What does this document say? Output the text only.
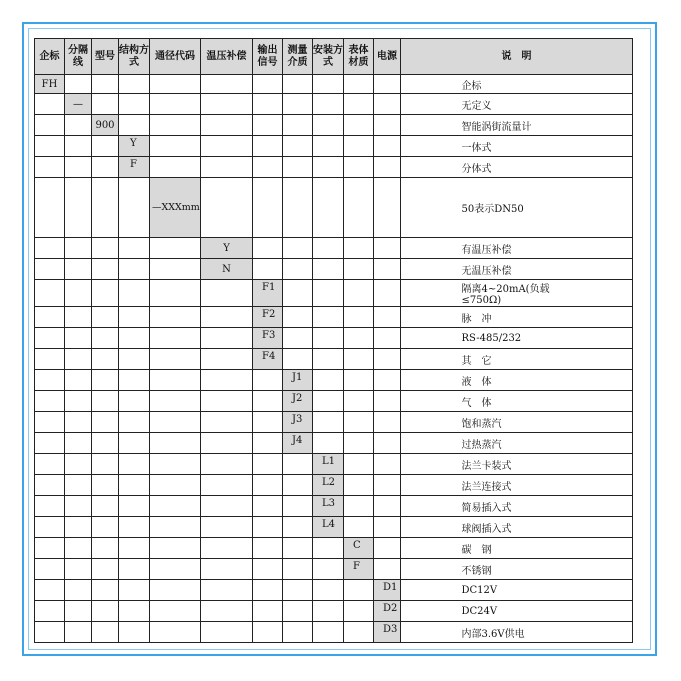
企标	分隔线	型号	结构方式	通径代码	温压补偿	输出信号	测量介质	安装方式	表体材质	电源	说　明
FH											企标
	—										无定义
		900									智能涡街流量计
			Y								一体式
			F								分体式
				—XXXmm							50表示DN50
					Y						有温压补偿
					N						无温压补偿
						F1					隔离4~20mA(负载≤750Ω)
						F2					脉　冲
						F3					RS-485/232
						F4					其　它
							J1				液　体
							J2				气　体
							J3				饱和蒸汽
							J4				过热蒸汽
								L1			法兰卡装式
								L2			法兰连接式
								L3			简易插入式
								L4			球阀插入式
									C		碳　钢
									F		不锈钢
										D1	DC12V
										D2	DC24V
										D3	内部3.6V供电
